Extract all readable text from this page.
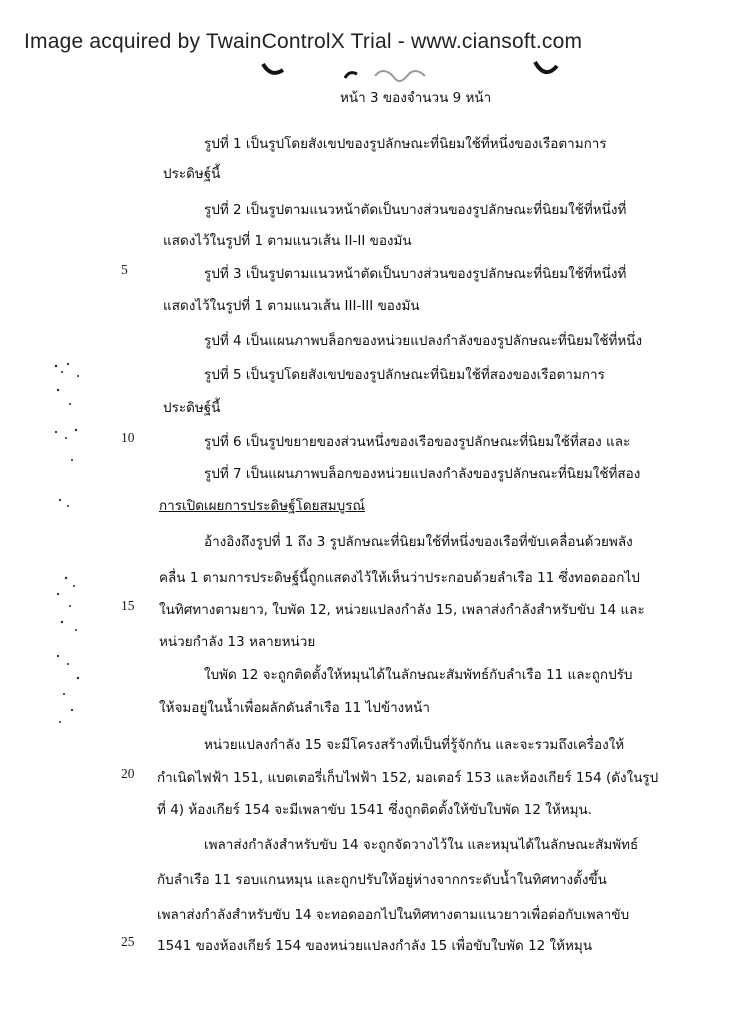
Image acquired by TwainControlX Trial - www.ciansoft.com
หน้า 3 ของจำนวน 9 หน้า
5
10
15
20
25
รูปที่ 1 เป็นรูปโดยสังเขปของรูปลักษณะที่นิยมใช้ที่หนึ่งของเรือตามการ
ประดิษฐ์นี้
รูปที่ 2 เป็นรูปตามแนวหน้าตัดเป็นบางส่วนของรูปลักษณะที่นิยมใช้ที่หนึ่งที่
แสดงไว้ในรูปที่ 1 ตามแนวเส้น II-II ของมัน
รูปที่ 3 เป็นรูปตามแนวหน้าตัดเป็นบางส่วนของรูปลักษณะที่นิยมใช้ที่หนึ่งที่
แสดงไว้ในรูปที่ 1 ตามแนวเส้น III-III ของมัน
รูปที่ 4 เป็นแผนภาพบล็อกของหน่วยแปลงกำลังของรูปลักษณะที่นิยมใช้ที่หนึ่ง
รูปที่ 5 เป็นรูปโดยสังเขปของรูปลักษณะที่นิยมใช้ที่สองของเรือตามการ
ประดิษฐ์นี้
รูปที่ 6 เป็นรูปขยายของส่วนหนึ่งของเรือของรูปลักษณะที่นิยมใช้ที่สอง และ
รูปที่ 7 เป็นแผนภาพบล็อกของหน่วยแปลงกำลังของรูปลักษณะที่นิยมใช้ที่สอง
การเปิดเผยการประดิษฐ์โดยสมบูรณ์
อ้างอิงถึงรูปที่ 1 ถึง 3 รูปลักษณะที่นิยมใช้ที่หนึ่งของเรือที่ขับเคลื่อนด้วยพลัง
คลื่น 1 ตามการประดิษฐ์นี้ถูกแสดงไว้ให้เห็นว่าประกอบด้วยลำเรือ 11 ซึ่งทอดออกไป
ในทิศทางตามยาว, ใบพัด 12, หน่วยแปลงกำลัง 15, เพลาส่งกำลังสำหรับขับ 14 และ
หน่วยกำลัง 13 หลายหน่วย
ใบพัด 12 จะถูกติดตั้งให้หมุนได้ในลักษณะสัมพัทธ์กับลำเรือ 11 และถูกปรับ
ให้จมอยู่ในน้ำเพื่อผลักดันลำเรือ 11 ไปข้างหน้า
หน่วยแปลงกำลัง 15 จะมีโครงสร้างที่เป็นที่รู้จักกัน และจะรวมถึงเครื่องให้
กำเนิดไฟฟ้า 151, แบตเตอรี่เก็บไฟฟ้า 152, มอเตอร์ 153 และห้องเกียร์ 154 (ดังในรูป
ที่ 4) ห้องเกียร์ 154 จะมีเพลาขับ 1541 ซึ่งถูกติดตั้งให้ขับใบพัด 12 ให้หมุน.
เพลาส่งกำลังสำหรับขับ 14 จะถูกจัดวางไว้ใน และหมุนได้ในลักษณะสัมพัทธ์
กับลำเรือ 11 รอบแกนหมุน และถูกปรับให้อยู่ห่างจากกระดับน้ำในทิศทางตั้งขึ้น
เพลาส่งกำลังสำหรับขับ 14 จะทอดออกไปในทิศทางตามแนวยาวเพื่อต่อกับเพลาขับ
1541 ของห้องเกียร์ 154 ของหน่วยแปลงกำลัง 15 เพื่อขับใบพัด 12 ให้หมุน
